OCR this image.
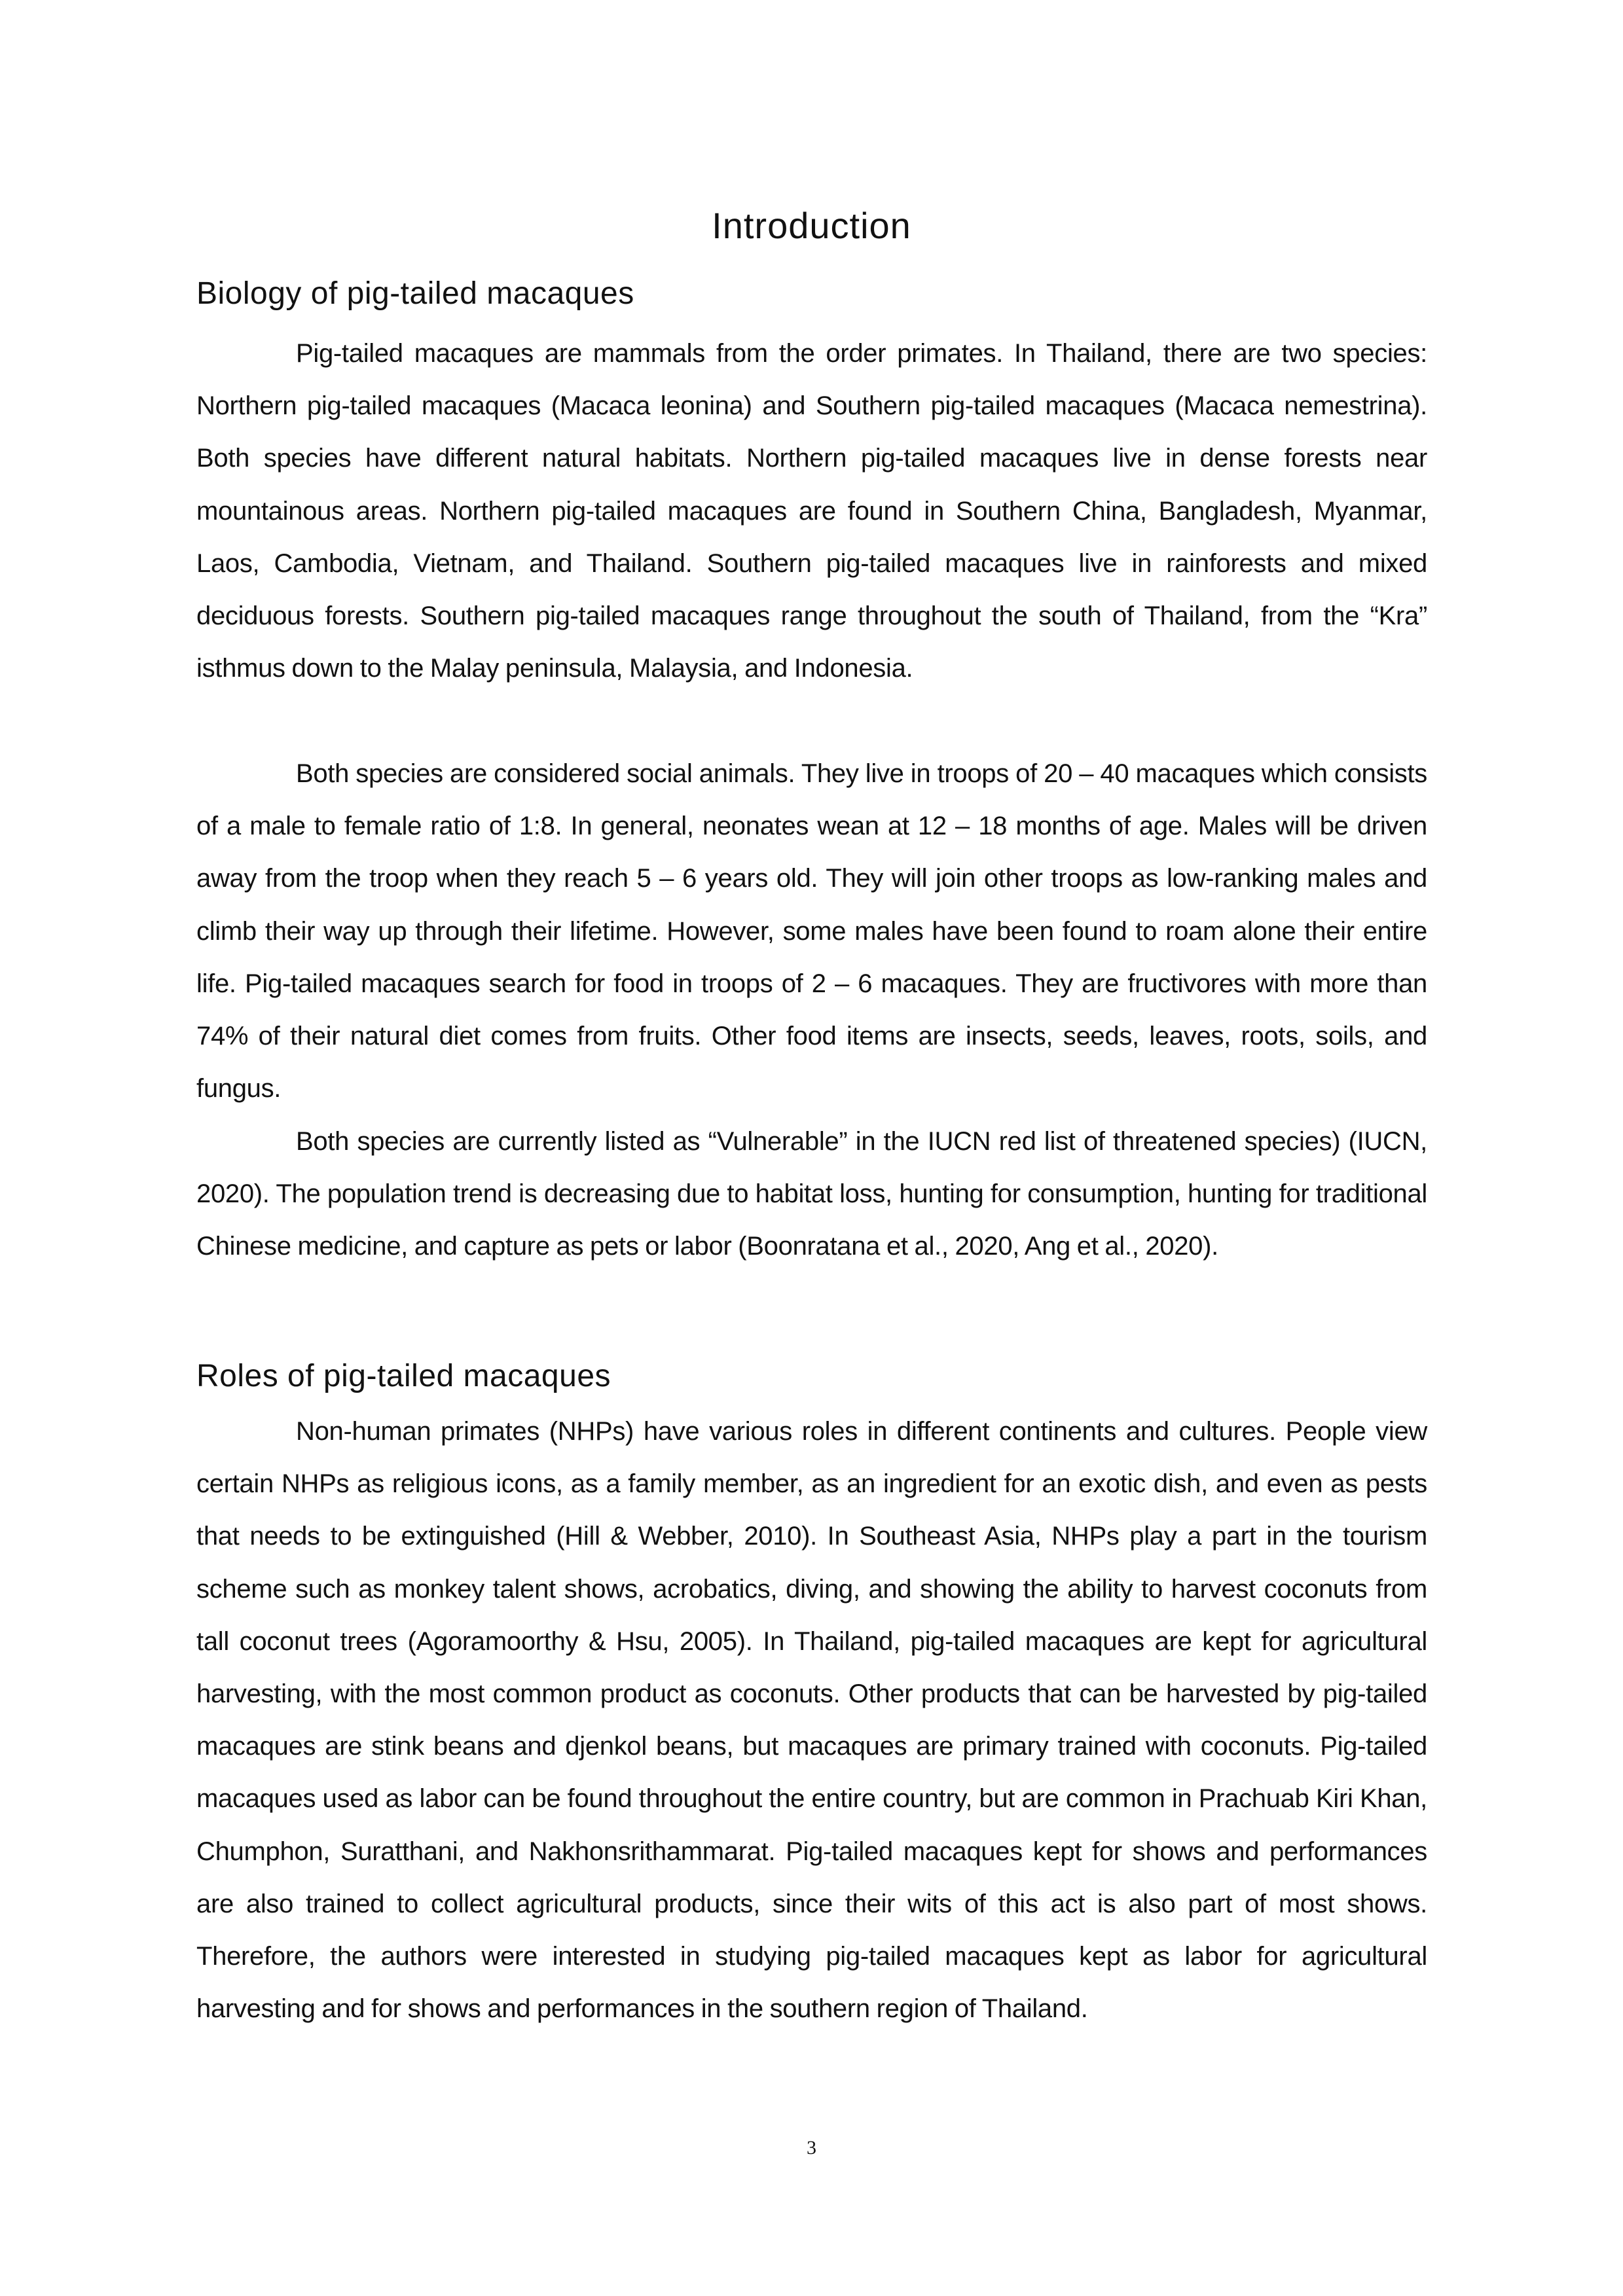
Introduction
Biology of pig-tailed macaques

Pig-tailed macaques are mammals from the order primates. In Thailand, there are two species: Northern pig-tailed macaques (Macaca leonina) and Southern pig-tailed macaques (Macaca nemestrina). Both species have different natural habitats. Northern pig-tailed macaques live in dense forests near mountainous areas. Northern pig-tailed macaques are found in Southern China, Bangladesh, Myanmar, Laos, Cambodia, Vietnam, and Thailand. Southern pig-tailed macaques live in rainforests and mixed deciduous forests. Southern pig-tailed macaques range throughout the south of Thailand, from the “Kra” isthmus down to the Malay peninsula, Malaysia, and Indonesia.

Both species are considered social animals. They live in troops of 20 – 40 macaques which consists of a male to female ratio of 1:8. In general, neonates wean at 12 – 18 months of age. Males will be driven away from the troop when they reach 5 – 6 years old. They will join other troops as low-ranking males and climb their way up through their lifetime. However, some males have been found to roam alone their entire life. Pig-tailed macaques search for food in troops of 2 – 6 macaques. They are fructivores with more than 74% of their natural diet comes from fruits. Other food items are insects, seeds, leaves, roots, soils, and fungus.

Both species are currently listed as “Vulnerable” in the IUCN red list of threatened species) (IUCN, 2020). The population trend is decreasing due to habitat loss, hunting for consumption, hunting for traditional Chinese medicine, and capture as pets or labor (Boonratana et al., 2020, Ang et al., 2020).

Roles of pig-tailed macaques

Non-human primates (NHPs) have various roles in different continents and cultures. People view certain NHPs as religious icons, as a family member, as an ingredient for an exotic dish, and even as pests that needs to be extinguished (Hill & Webber, 2010). In Southeast Asia, NHPs play a part in the tourism scheme such as monkey talent shows, acrobatics, diving, and showing the ability to harvest coconuts from tall coconut trees (Agoramoorthy & Hsu, 2005). In Thailand, pig-tailed macaques are kept for agricultural harvesting, with the most common product as coconuts. Other products that can be harvested by pig-tailed macaques are stink beans and djenkol beans, but macaques are primary trained with coconuts. Pig-tailed macaques used as labor can be found throughout the entire country, but are common in Prachuab Kiri Khan, Chumphon, Suratthani, and Nakhonsrithammarat. Pig-tailed macaques kept for shows and performances are also trained to collect agricultural products, since their wits of this act is also part of most shows. Therefore, the authors were interested in studying pig-tailed macaques kept as labor for agricultural harvesting and for shows and performances in the southern region of Thailand.

3
